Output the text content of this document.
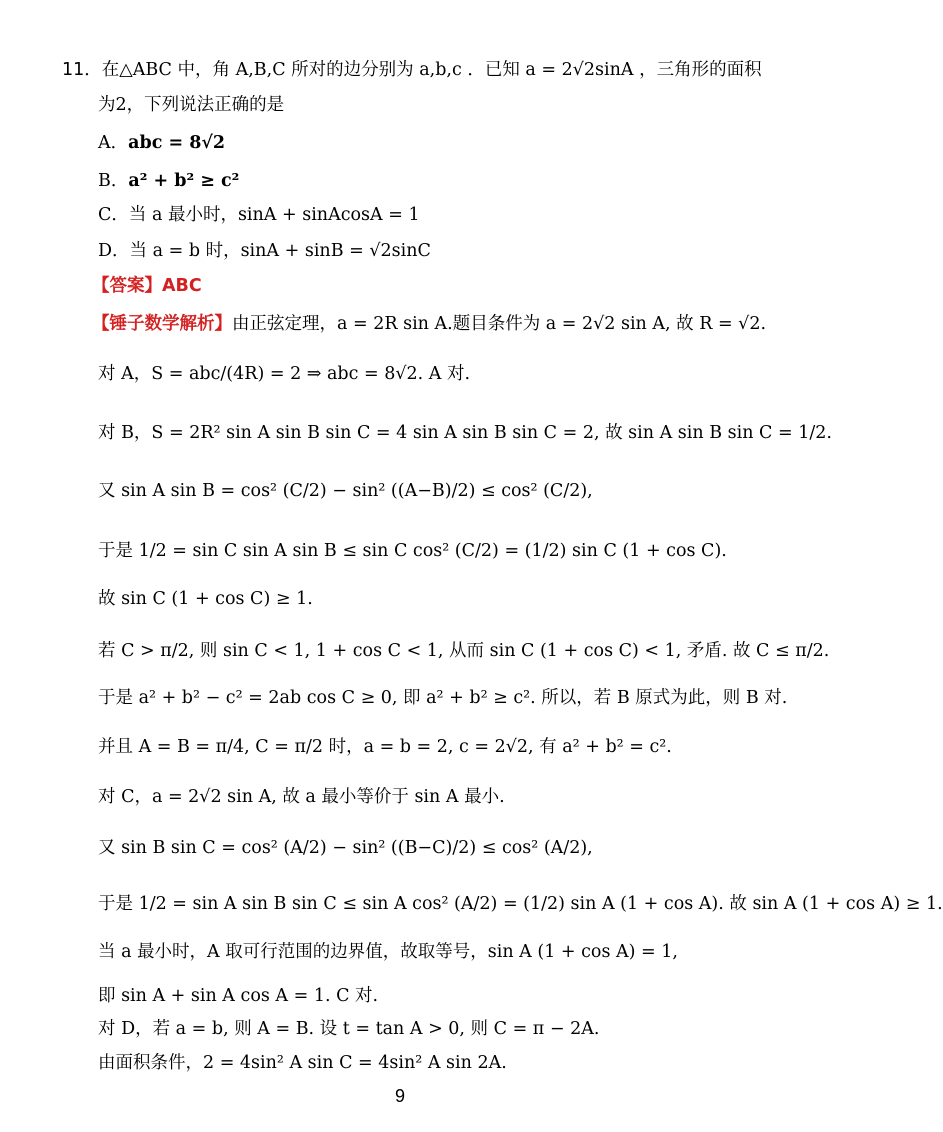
11．在△ABC 中，角 A,B,C 所对的边分别为 a,b,c ．已知 a = 2√2sinA ，三角形的面积
为2，下列说法正确的是
A．abc = 8√2
B．a² + b² ≥ c²
C．当 a 最小时，sinA + sinAcosA = 1
D．当 a = b 时，sinA + sinB = √2sinC
【答案】ABC
【锤子数学解析】由正弦定理，a = 2R sin A.题目条件为 a = 2√2 sin A, 故 R = √2.
对 A，S = abc/(4R) = 2 ⇒ abc = 8√2. A 对.
对 B，S = 2R² sin A sin B sin C = 4 sin A sin B sin C = 2, 故 sin A sin B sin C = 1/2.
又 sin A sin B = cos² (C/2) − sin² ((A−B)/2) ≤ cos² (C/2),
于是 1/2 = sin C sin A sin B ≤ sin C cos² (C/2) = (1/2) sin C (1 + cos C).
故 sin C (1 + cos C) ≥ 1.
若 C > π/2, 则 sin C < 1, 1 + cos C < 1, 从而 sin C (1 + cos C) < 1, 矛盾. 故 C ≤ π/2.
于是 a² + b² − c² = 2ab cos C ≥ 0, 即 a² + b² ≥ c². 所以，若 B 原式为此，则 B 对.
并且 A = B = π/4, C = π/2 时，a = b = 2, c = 2√2, 有 a² + b² = c².
对 C，a = 2√2 sin A, 故 a 最小等价于 sin A 最小.
又 sin B sin C = cos² (A/2) − sin² ((B−C)/2) ≤ cos² (A/2),
于是 1/2 = sin A sin B sin C ≤ sin A cos² (A/2) = (1/2) sin A (1 + cos A). 故 sin A (1 + cos A) ≥ 1.
当 a 最小时，A 取可行范围的边界值，故取等号，sin A (1 + cos A) = 1,
即 sin A + sin A cos A = 1. C 对.
对 D，若 a = b, 则 A = B. 设 t = tan A > 0, 则 C = π − 2A.
由面积条件，2 = 4sin² A sin C = 4sin² A sin 2A.
9
